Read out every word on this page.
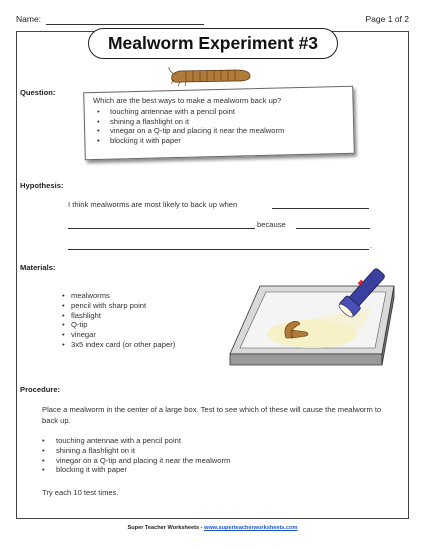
Name:	Page 1 of 2
Mealworm Experiment #3
Question:
Which are the best ways to make a mealworm back up?
• touching antennae with a pencil point
• shining a flashlight on it
• vinegar on a Q-tip and placing it near the mealworm
• blocking it with paper
Hypothesis:
I think mealworms are most likely to back up when
because
.
Materials:
• mealworms
• pencil with sharp point
• flashlight
• Q-tip
• vinegar
• 3x5 index card (or other paper)
Procedure:
Place a mealworm in the center of a large box. Test to see which of these will cause the mealworm to back up.
• touching antennae with a pencil point
• shining a flashlight on it
• vinegar on a Q-tip and placing it near the mealworm
• blocking it with paper
Try each 10 test times.
Super Teacher Worksheets - www.superteacherworksheets.com
